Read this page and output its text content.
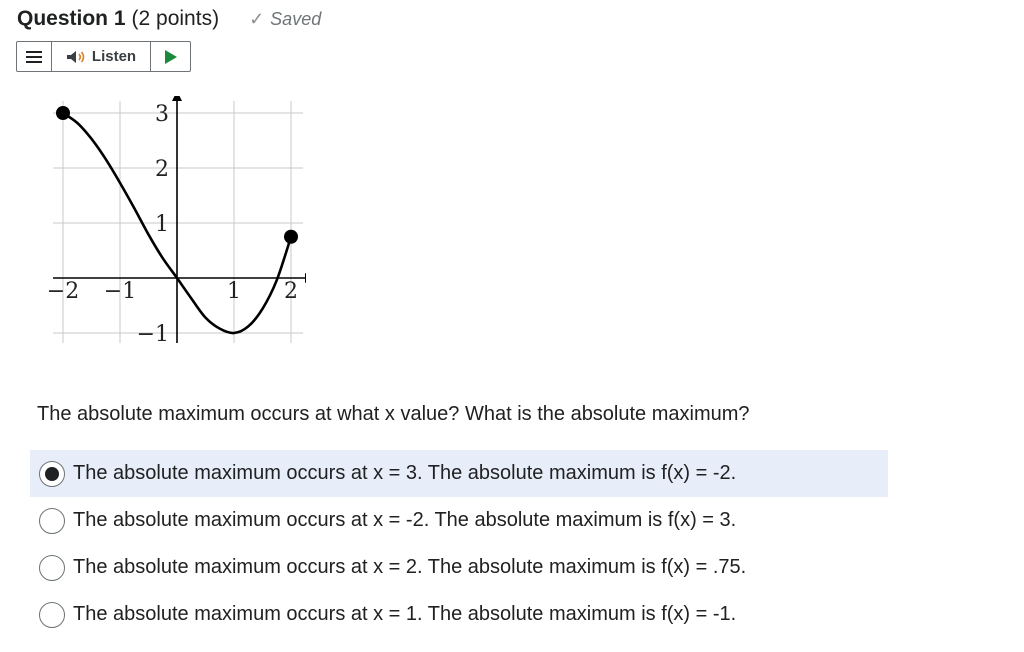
Question 1 (2 points) ✓ Saved
Listen
−2 −1	1 2
−1
1
2
3
The absolute maximum occurs at what x value? What is the absolute maximum?
The absolute maximum occurs at x = 3. The absolute maximum is f(x) = -2.
The absolute maximum occurs at x = -2. The absolute maximum is f(x) = 3.
The absolute maximum occurs at x = 2. The absolute maximum is f(x) = .75.
The absolute maximum occurs at x = 1. The absolute maximum is f(x) = -1.
